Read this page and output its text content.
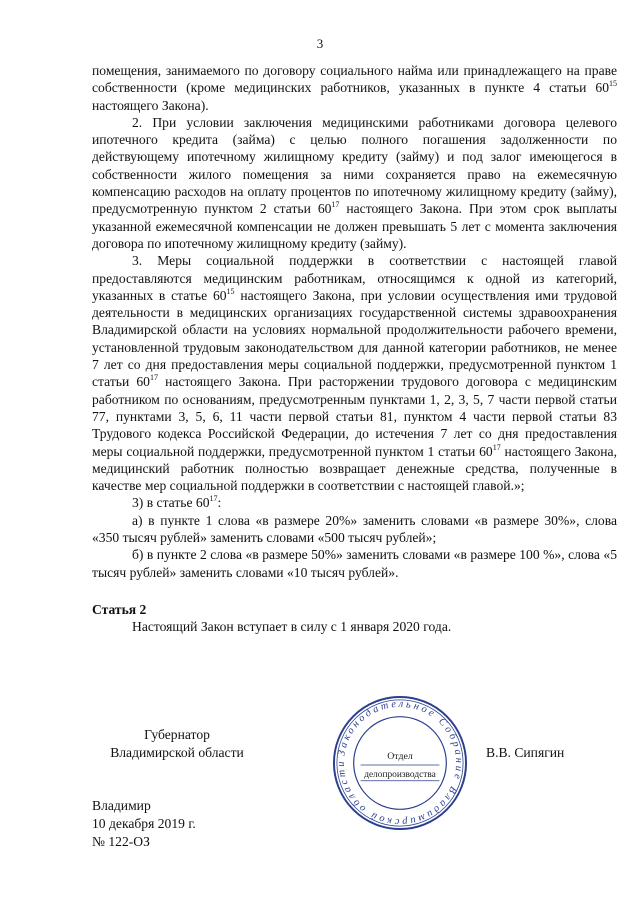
3

помещения, занимаемого по договору социального найма или принадлежащего на праве собственности (кроме медицинских работников, указанных в пункте 4 статьи $60^{15}$ настоящего Закона).

2. При условии заключения медицинскими работниками договора целевого ипотечного кредита (займа) с целью полного погашения задолженности по действующему ипотечному жилищному кредиту (займу) и под залог имеющегося в собственности жилого помещения за ними сохраняется право на ежемесячную компенсацию расходов на оплату процентов по ипотечному жилищному кредиту (займу), предусмотренную пунктом 2 статьи $60^{17}$ настоящего Закона. При этом срок выплаты указанной ежемесячной компенсации не должен превышать 5 лет с момента заключения договора по ипотечному жилищному кредиту (займу).

3. Меры социальной поддержки в соответствии с настоящей главой предоставляются медицинским работникам, относящимся к одной из категорий, указанных в статье $60^{15}$ настоящего Закона, при условии осуществления ими трудовой деятельности в медицинских организациях государственной системы здравоохранения Владимирской области на условиях нормальной продолжительности рабочего времени, установленной трудовым законодательством для данной категории работников, не менее 7 лет со дня предоставления меры социальной поддержки, предусмотренной пунктом 1 статьи $60^{17}$ настоящего Закона. При расторжении трудового договора с медицинским работником по основаниям, предусмотренным пунктами 1, 2, 3, 5, 7 части первой статьи 77, пунктами 3, 5, 6, 11 части первой статьи 81, пунктом 4 части первой статьи 83 Трудового кодекса Российской Федерации, до истечения 7 лет со дня предоставления меры социальной поддержки, предусмотренной пунктом 1 статьи $60^{17}$ настоящего Закона, медицинский работник полностью возвращает денежные средства, полученные в качестве мер социальной поддержки в соответствии с настоящей главой.»;

3) в статье $60^{17}$:

а) в пункте 1 слова «в размере 20%» заменить словами «в размере 30%», слова «350 тысяч рублей» заменить словами «500 тысяч рублей»;

б) в пункте 2 слова «в размере 50%» заменить словами «в размере 100 %», слова «5 тысяч рублей» заменить словами «10 тысяч рублей».

Статья 2

Настоящий Закон вступает в силу с 1 января 2020 года.

Губернатор
Владимирской области	Законодательное Собрание Владимирской области
Отдел
делопроизводства
В.В. Сипягин
Владимир
10 декабря 2019 г.
№ 122-ОЗ
